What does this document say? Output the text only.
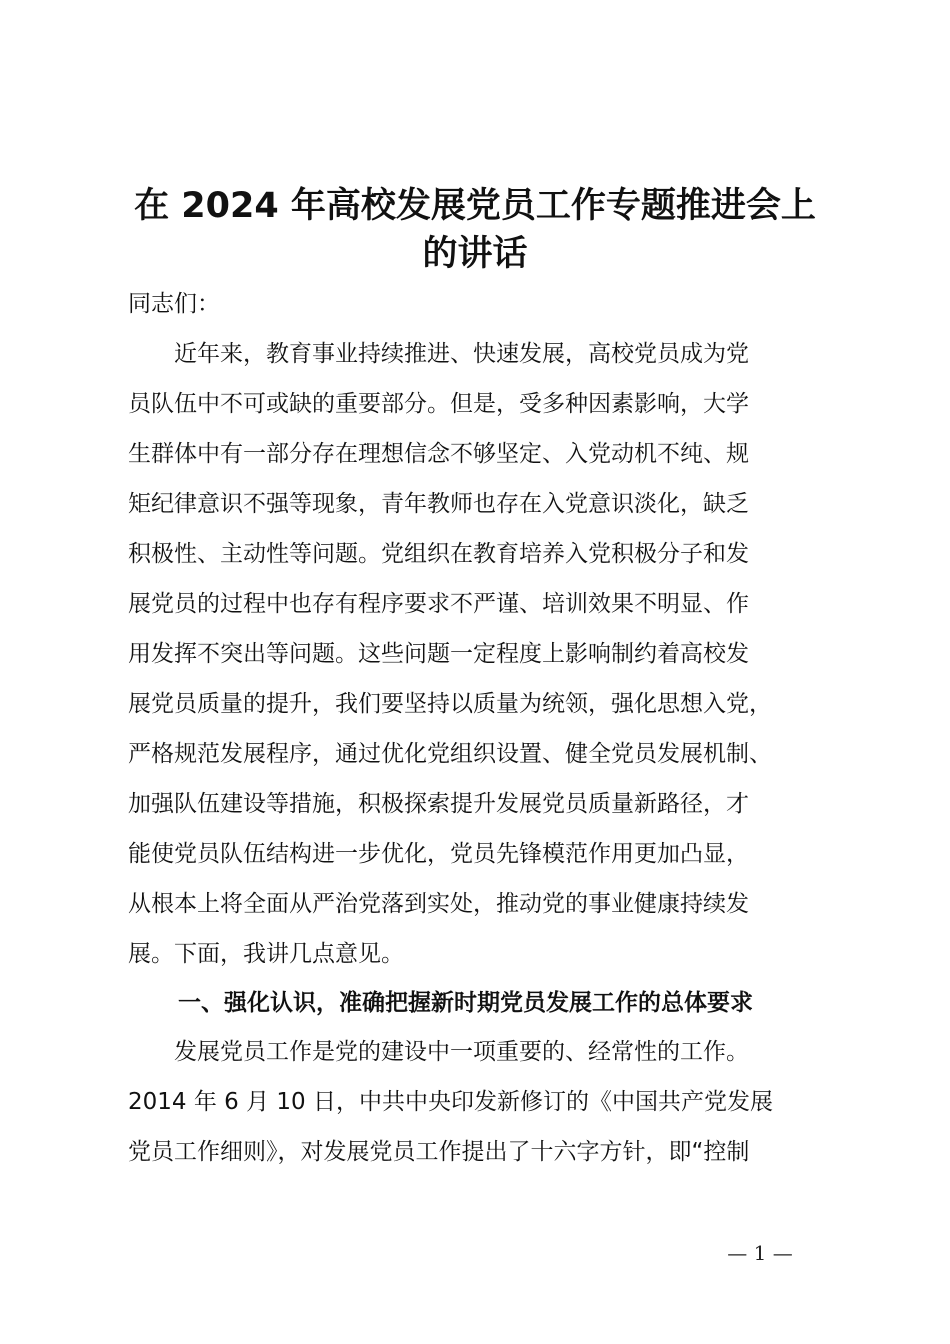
在 2024 年高校发展党员工作专题推进会上
的讲话

同志们：

　　近年来，教育事业持续推进、快速发展，高校党员成为党
员队伍中不可或缺的重要部分。但是，受多种因素影响，大学
生群体中有一部分存在理想信念不够坚定、入党动机不纯、规
矩纪律意识不强等现象，青年教师也存在入党意识淡化，缺乏
积极性、主动性等问题。党组织在教育培养入党积极分子和发
展党员的过程中也存有程序要求不严谨、培训效果不明显、作
用发挥不突出等问题。这些问题一定程度上影响制约着高校发
展党员质量的提升，我们要坚持以质量为统领，强化思想入党，
严格规范发展程序，通过优化党组织设置、健全党员发展机制、
加强队伍建设等措施，积极探索提升发展党员质量新路径，才
能使党员队伍结构进一步优化，党员先锋模范作用更加凸显，
从根本上将全面从严治党落到实处，推动党的事业健康持续发
展。下面，我讲几点意见。

一、强化认识，准确把握新时期党员发展工作的总体要求

　　发展党员工作是党的建设中一项重要的、经常性的工作。
2014 年 6 月 10 日，中共中央印发新修订的《中国共产党发展
党员工作细则》，对发展党员工作提出了十六字方针，即“控制

— 1 —
